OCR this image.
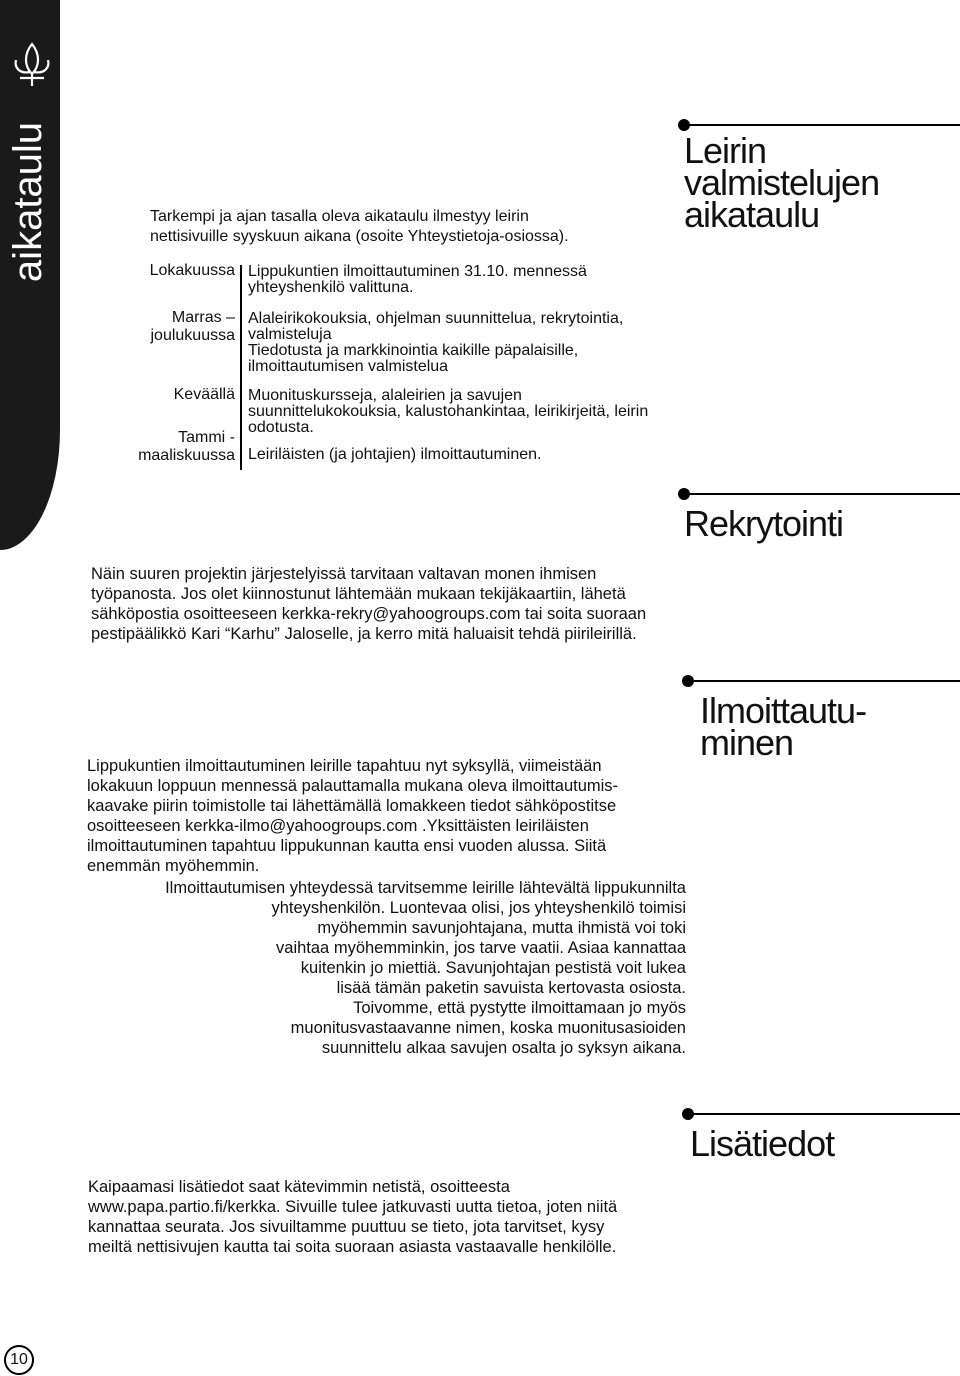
aikataulu	Leirin
valmistelujen
aikataulu
Tarkempi ja ajan tasalla oleva aikataulu ilmestyy leirin
nettisivuille syyskuun aikana (osoite Yhteystietoja-osiossa).
Lokakuussa Lippukuntien ilmoittautuminen 31.10. mennessä
yhteyshenkilö valittuna.
Marras –
joulukuussa
Alaleirikokouksia, ohjelman suunnittelua, rekrytointia,
valmisteluja
Tiedotusta ja markkinointia kaikille päpalaisille,
ilmoittautumisen valmistelua
Keväällä Muonituskursseja, alaleirien ja savujen
suunnittelukokouksia, kalustohankintaa, leirikirjeitä, leirin
odotusta.
Tammi -
maaliskuussa Leiriläisten (ja johtajien) ilmoittautuminen.
Rekrytointi
Näin suuren projektin järjestelyissä tarvitaan valtavan monen ihmisen
työpanosta. Jos olet kiinnostunut lähtemään mukaan tekijäkaartiin, lähetä
sähköpostia osoitteeseen kerkka-rekry@yahoogroups.com tai soita suoraan
pestipäälikkö Kari “Karhu” Jaloselle, ja kerro mitä haluaisit tehdä piirileirillä.
Ilmoittautu-
minen
Lippukuntien ilmoittautuminen leirille tapahtuu nyt syksyllä, viimeistään
lokakuun loppuun mennessä palauttamalla mukana oleva ilmoittautumis-
kaavake piirin toimistolle tai lähettämällä lomakkeen tiedot sähköpostitse
osoitteeseen kerkka-ilmo@yahoogroups.com .Yksittäisten leiriläisten
ilmoittautuminen tapahtuu lippukunnan kautta ensi vuoden alussa. Siitä
enemmän myöhemmin.
Ilmoittautumisen yhteydessä tarvitsemme leirille lähtevältä lippukunnilta
yhteyshenkilön. Luontevaa olisi, jos yhteyshenkilö toimisi
myöhemmin savunjohtajana, mutta ihmistä voi toki
vaihtaa myöhemminkin, jos tarve vaatii. Asiaa kannattaa
kuitenkin jo miettiä. Savunjohtajan pestistä voit lukea
lisää tämän paketin savuista kertovasta osiosta.
Toivomme, että pystytte ilmoittamaan jo myös
muonitusvastaavanne nimen, koska muonitusasioiden
suunnittelu alkaa savujen osalta jo syksyn aikana.
Lisätiedot
Kaipaamasi lisätiedot saat kätevimmin netistä, osoitteesta
www.papa.partio.fi/kerkka. Sivuille tulee jatkuvasti uutta tietoa, joten niitä
kannattaa seurata. Jos sivuiltamme puuttuu se tieto, jota tarvitset, kysy
meiltä nettisivujen kautta tai soita suoraan asiasta vastaavalle henkilölle.
10
